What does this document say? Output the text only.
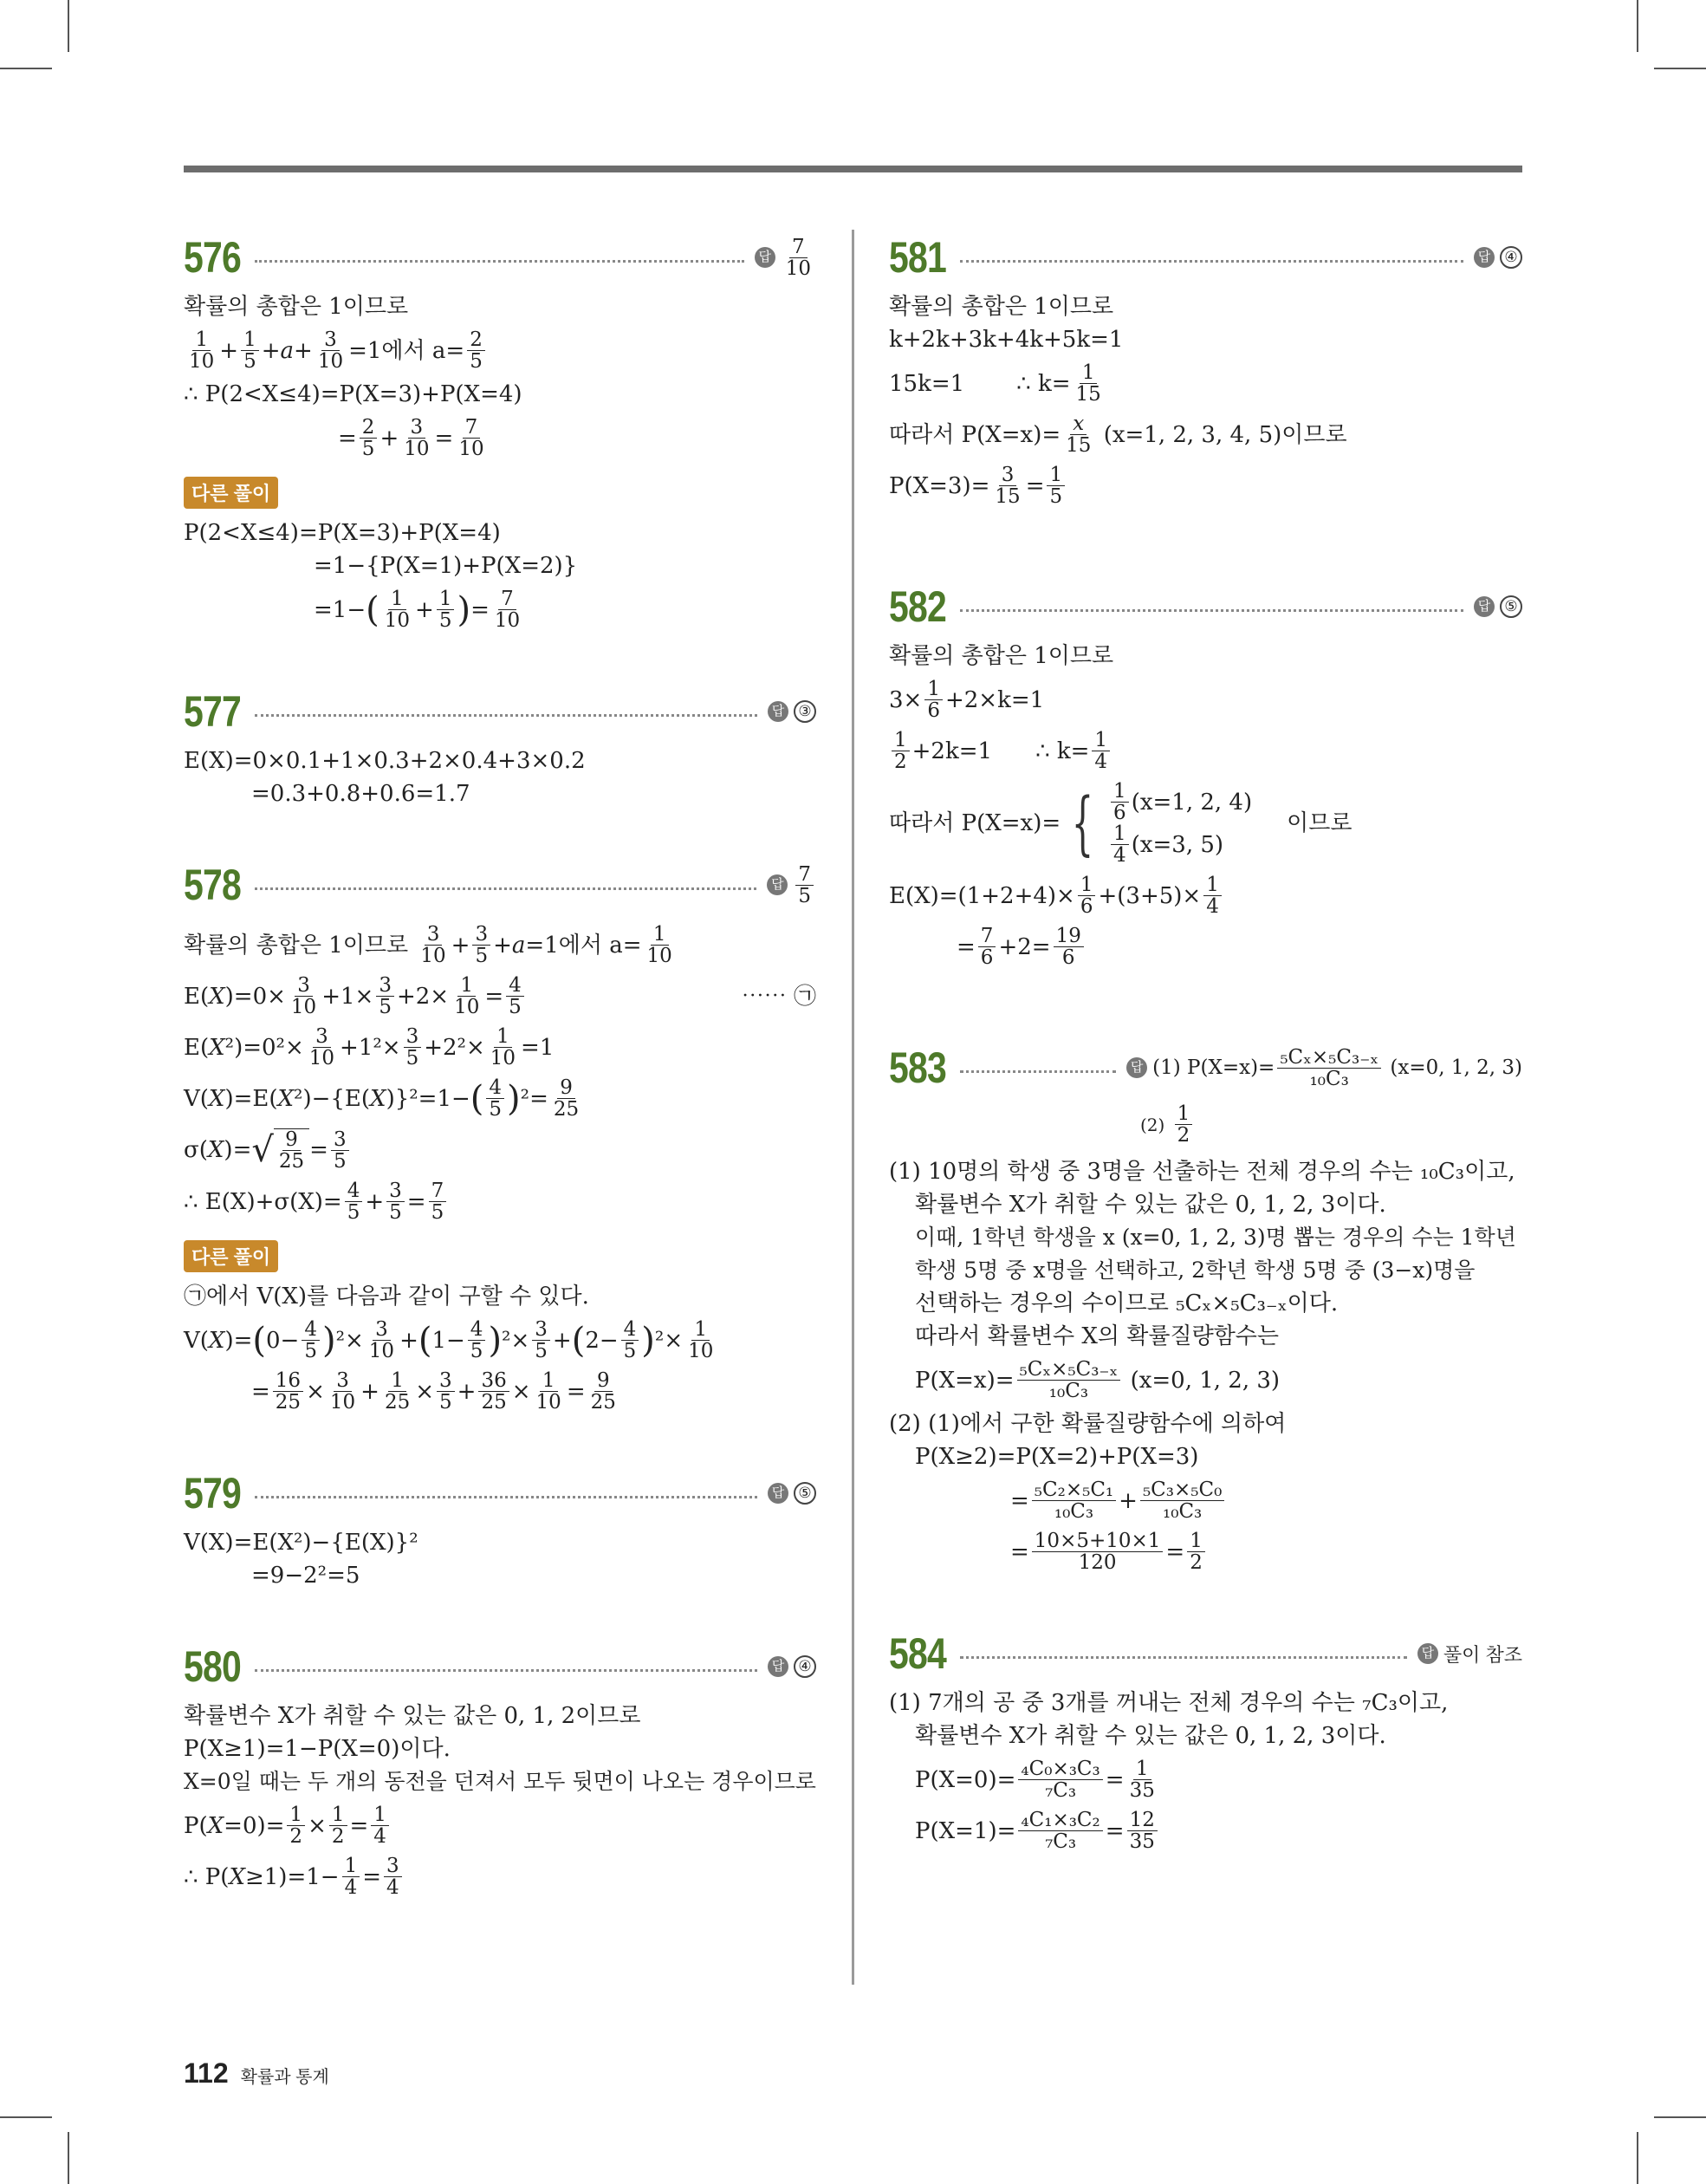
576	답 $\frac{7}{10}$
확률의 총합은 1이므로
$\frac{1}{10} + \frac{1}{5} + a + \frac{3}{10} =1$에서 $a= \frac{2}{5}$
∴ P(2<X≤4)=P(X=3)+P(X=4)
= $\frac{2}{5} + \frac{3}{10} = \frac{7}{10}$
다른 풀이
P(2<X≤4)=P(X=3)+P(X=4)
=1−{P(X=1)+P(X=2)}
=1− ( $\frac{1}{10} + \frac{1}{5}$ ) = $\frac{7}{10}$
577	답 ③
E(X)=0×0.1+1×0.3+2×0.4+3×0.2
=0.3+0.8+0.6=1.7
578	답 $\frac{7}{5}$
확률의 총합은 1이므로
$\frac{3}{10} + \frac{3}{5} + a =1$에서 $a= \frac{1}{10}$
E( X )$=0\times \frac{3}{10} +1\times \frac{3}{5} +2\times \frac{1}{10} = \frac{4}{5}$	⋯⋯ ㉠
E( X $^2)=0^2\times \frac{3}{10} +1^2\times \frac{3}{5} +2^2\times \frac{1}{10} =1$
V( X )=E( X ²)−{E( X )}²=1− ( $\frac{4}{5}$ ) $^2= \frac{9}{25}$
σ( X )= √ $\frac{9}{25} = \frac{3}{5}$
∴ $E(X)+\sigma(X)= \frac{4}{5} + \frac{3}{5} = \frac{7}{5}$
다른 풀이
㉠에서 V(X)를 다음과 같이 구할 수 있다.
V( X )= ( $0- \frac{4}{5}$ ) $^2\times \frac{3}{10}$ + ( $1- \frac{4}{5}$ ) $^2\times \frac{3}{5}$ + ( $2- \frac{4}{5}$ ) $^2\times \frac{1}{10}$
= $\frac{16}{25} \times \frac{3}{10} + \frac{1}{25} \times \frac{3}{5} + \frac{36}{25} \times \frac{1}{10} = \frac{9}{25}$
579	답 ⑤
V(X)=E(X²)−{E(X)}²
=9−2²=5
580	답 ④
확률변수 X가 취할 수 있는 값은 0, 1, 2이므로
P(X≥1)=1−P(X=0)이다.
X=0일 때는 두 개의 동전을 던져서 모두 뒷면이 나오는 경우이므로
P( $X =0)= \frac{1}{2} \times \frac{1}{2} = \frac{1}{4}$
∴ P( $X \ge 1)=1- \frac{1}{4} = \frac{3}{4}$
581	답 ④
확률의 총합은 1이므로
k+2k+3k+4k+5k=1
15k=1 ∴ $k= \frac{1}{15}$
따라서 $P(X=x)= \frac{x}{15}$
(x=1, 2, 3, 4, 5)이므로
$P(X=3)= \frac{3}{15} = \frac{1}{5}$
582	답 ⑤
확률의 총합은 1이므로
$3\times \frac{1}{6} +2\times k=1$
$\frac{1}{2} +2k=1$ ∴ $k= \frac{1}{4}$
따라서 P(X=x)= { $\frac{1}{6} (x=1$, 2, 4)
$\frac{1}{4} (x=3$, 5)
이므로
$E(X)=(1+2+4)\times \frac{1}{6} +(3+5)\times \frac{1}{4}$
= $\frac{7}{6} +2= \frac{19}{6}$
583	답 (1) $P(X=x)= \frac{\text{₅Cₓ×₅C₃₋ₓ}}{\text{₁₀C₃}}$
(x=0, 1, 2, 3)
(2)
$\frac{1}{2}$
(1) 10명의 학생 중 3명을 선출하는 전체 경우의 수는 ₁₀C₃이고,
확률변수 X가 취할 수 있는 값은 0, 1, 2, 3이다.
이때, 1학년 학생을 x (x=0, 1, 2, 3)명 뽑는 경우의 수는 1학년
학생 5명 중 x명을 선택하고, 2학년 학생 5명 중 (3−x)명을
선택하는 경우의 수이므로 ₅Cₓ×₅C₃₋ₓ이다.
따라서 확률변수 X의 확률질량함수는
$P(X=x)= \frac{\text{₅Cₓ×₅C₃₋ₓ}}{\text{₁₀C₃}}$
(x=0, 1, 2, 3)
(2) (1)에서 구한 확률질량함수에 의하여
P(X≥2)=P(X=2)+P(X=3)
= $\frac{\text{₅C₂×₅C₁}}{\text{₁₀C₃}} + \frac{\text{₅C₃×₅C₀}}{\text{₁₀C₃}}$
= $\frac{10\times 5+10\times 1}{120} = \frac{1}{2}$
584	답 풀이 참조
(1) 7개의 공 중 3개를 꺼내는 전체 경우의 수는 ₇C₃이고,
확률변수 X가 취할 수 있는 값은 0, 1, 2, 3이다.
$P(X=0)= \frac{\text{₄C₀×₃C₃}}{\text{₇C₃}} = \frac{1}{35}$
$P(X=1)= \frac{\text{₄C₁×₃C₂}}{\text{₇C₃}} = \frac{12}{35}$
112 확률과 통계
